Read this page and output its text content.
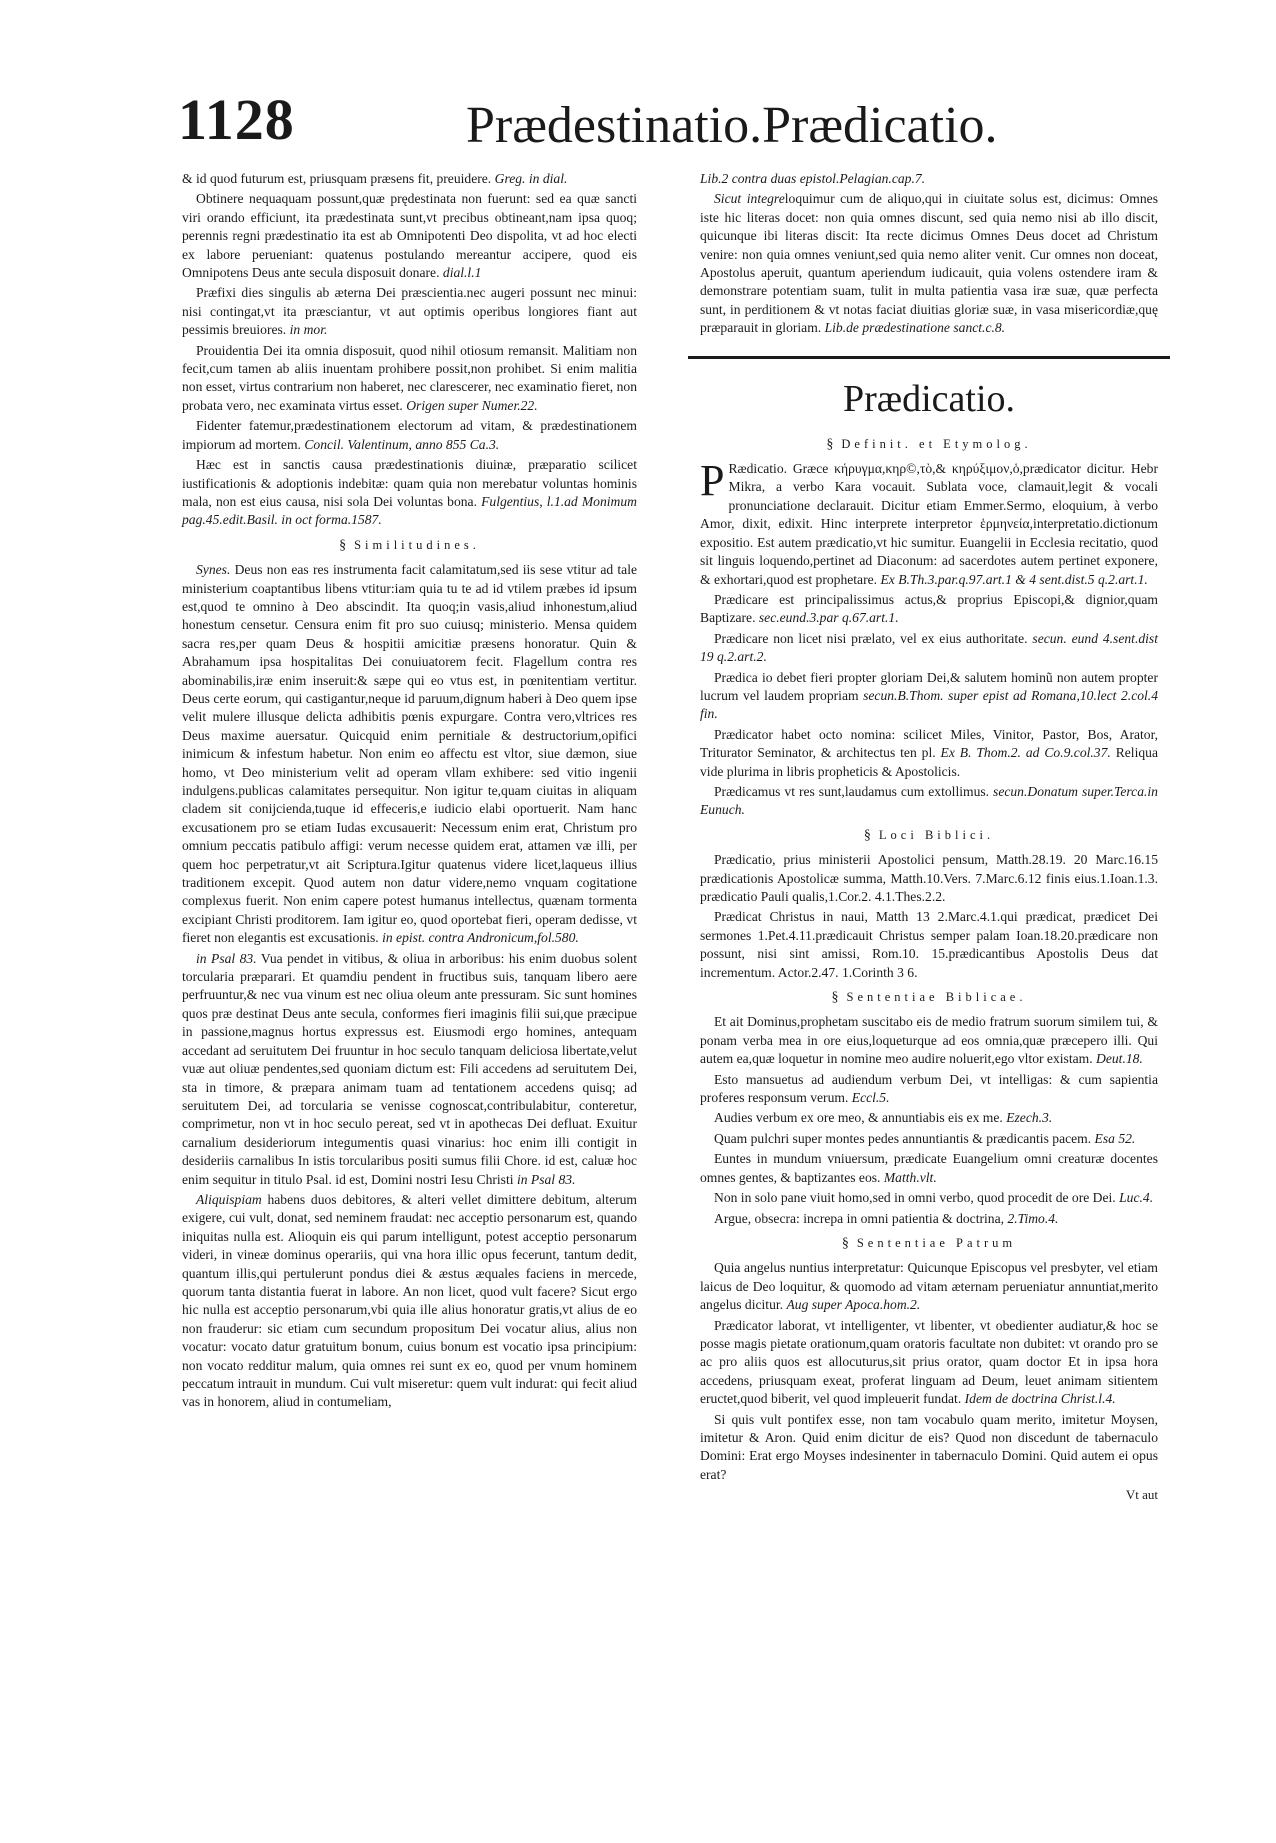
1128	Prædestinatio.Prædicatio.

& id quod futurum est, priusquam præsens fit, preuidere. Greg. in dial.

Obtinere nequaquam possunt,quæ prędestinata non fuerunt: sed ea quæ sancti viri orando efficiunt, ita prædestinata sunt,vt precibus obtineant,nam ipsa quoq; perennis regni prædestinatio ita est ab Omnipotenti Deo dispolita, vt ad hoc electi ex labore perueniant: quatenus postulando mereantur accipere, quod eis Omnipotens Deus ante secula disposuit donare. dial.l.1

Præfixi dies singulis ab æterna Dei præscientia.nec augeri possunt nec minui: nisi contingat,vt ita præsciantur, vt aut optimis operibus longiores fiant aut pessimis breuiores. in mor.

Prouidentia Dei ita omnia disposuit, quod nihil otiosum remansit. Malitiam non fecit,cum tamen ab aliis inuentam prohibere possit,non prohibet. Si enim malitia non esset, virtus contrarium non haberet, nec clarescerer, nec examinatio fieret, non probata vero, nec examinata virtus esset. Origen super Numer.22.

Fidenter fatemur,prædestinationem electorum ad vitam, & prædestinationem impiorum ad mortem. Concil. Valentinum, anno 855 Ca.3.

Hæc est in sanctis causa prædestinationis diuinæ, præparatio scilicet iustificationis & adoptionis indebitæ: quam quia non merebatur voluntas hominis mala, non est eius causa, nisi sola Dei voluntas bona. Fulgentius, l.1.ad Monimum pag.45.edit.Basil. in oct forma.1587.

§ Similitudines.

Synes. Deus non eas res instrumenta facit calamitatum,sed iis sese vtitur ad tale ministerium coaptantibus libens vtitur:iam quia tu te ad id vtilem præbes id ipsum est,quod te omnino à Deo abscindit. Ita quoq;in vasis,aliud inhonestum,aliud honestum censetur. Censura enim fit pro suo cuiusq; ministerio. Mensa quidem sacra res,per quam Deus & hospitii amicitiæ præsens honoratur. Quin & Abrahamum ipsa hospitalitas Dei conuiuatorem fecit. Flagellum contra res abominabilis,iræ enim inseruit:& sæpe qui eo vtus est, in pœnitentiam vertitur. Deus certe eorum, qui castigantur,neque id paruum,dignum haberi à Deo quem ipse velit mulere illusque delicta adhibitis pœnis expurgare. Contra vero,vltrices res Deus maxime auersatur. Quicquid enim pernitiale & destructorium,opifici inimicum & infestum habetur. Non enim eo affectu est vltor, siue dæmon, siue homo, vt Deo ministerium velit ad operam vllam exhibere: sed vitio ingenii indulgens.publicas calamitates persequitur. Non igitur te,quam ciuitas in aliquam cladem sit conijcienda,tuque id effeceris,e iudicio elabi oportuerit. Nam hanc excusationem pro se etiam Iudas excusauerit: Necessum enim erat, Christum pro omnium peccatis patibulo affigi: verum necesse quidem erat, attamen væ illi, per quem hoc perpetratur,vt ait Scriptura.Igitur quatenus videre licet,laqueus illius traditionem excepit. Quod autem non datur videre,nemo vnquam cogitatione complexus fuerit. Non enim capere potest humanus intellectus, quænam tormenta excipiant Christi proditorem. Iam igitur eo, quod oportebat fieri, operam dedisse, vt fieret non elegantis est excusationis. in epist. contra Andronicum,fol.580.

in Psal 83. Vua pendet in vitibus, & oliua in arboribus: his enim duobus solent torcularia præparari. Et quamdiu pendent in fructibus suis, tanquam libero aere perfruuntur,& nec vua vinum est nec oliua oleum ante pressuram. Sic sunt homines quos præ destinat Deus ante secula, conformes fieri imaginis filii sui,que præcipue in passione,magnus hortus expressus est. Eiusmodi ergo homines, antequam accedant ad seruitutem Dei fruuntur in hoc seculo tanquam deliciosa libertate,velut vuæ aut oliuæ pendentes,sed quoniam dictum est: Fili accedens ad seruitutem Dei, sta in timore, & præpara animam tuam ad tentationem accedens quisq; ad seruitutem Dei, ad torcularia se venisse cognoscat,contribulabitur, conteretur, comprimetur, non vt in hoc seculo pereat, sed vt in apothecas Dei defluat. Exuitur carnalium desideriorum integumentis quasi vinarius: hoc enim illi contigit in desideriis carnalibus In istis torcularibus positi sumus filii Chore. id est, caluæ hoc enim sequitur in titulo Psal. id est, Domini nostri Iesu Christi in Psal 83.

Aliquispiam habens duos debitores, & alteri vellet dimittere debitum, alterum exigere, cui vult, donat, sed neminem fraudat: nec acceptio personarum est, quando iniquitas nulla est. Alioquin eis qui parum intelligunt, potest acceptio personarum videri, in vineæ dominus operariis, qui vna hora illic opus fecerunt, tantum dedit, quantum illis,qui pertulerunt pondus diei & æstus æquales faciens in mercede, quorum tanta distantia fuerat in labore. An non licet, quod vult facere? Sicut ergo hic nulla est acceptio personarum,vbi quia ille alius honoratur gratis,vt alius de eo non frauderur: sic etiam cum secundum propositum Dei vocatur alius, alius non vocatur: vocato datur gratuitum bonum, cuius bonum est vocatio ipsa principium: non vocato redditur malum, quia omnes rei sunt ex eo, quod per vnum hominem peccatum intrauit in mundum. Cui vult miseretur: quem vult indurat: qui fecit aliud vas in honorem, aliud in contumeliam,

Lib.2 contra duas epistol.Pelagian.cap.7.

Sicut integreloquimur cum de aliquo,qui in ciuitate solus est, dicimus: Omnes iste hic literas docet: non quia omnes discunt, sed quia nemo nisi ab illo discit, quicunque ibi literas discit: Ita recte dicimus Omnes Deus docet ad Christum venire: non quia omnes veniunt,sed quia nemo aliter venit. Cur omnes non doceat, Apostolus aperuit, quantum aperiendum iudicauit, quia volens ostendere iram & demonstrare potentiam suam, tulit in multa patientia vasa iræ suæ, quæ perfecta sunt, in perditionem & vt notas faciat diuitias gloriæ suæ, in vasa misericordiæ,quę præparauit in gloriam. Lib.de prædestinatione sanct.c.8.

Prædicatio.
§ Definit. et Etymolog.

P Rædicatio. Græce κήρυγμα,κηρ©,τὸ,& κηρύξιμον,ὁ,prædicator dicitur. Hebr Mikra, a verbo Kara vocauit. Sublata voce, clamauit,legit & vocali pronunciatione declarauit. Dicitur etiam Emmer.Sermo, eloquium, à verbo Amor, dixit, edixit. Hinc interprete interpretor ἑρμηνεία,interpretatio.dictionum expositio. Est autem prædicatio,vt hic sumitur. Euangelii in Ecclesia recitatio, quod sit linguis loquendo,pertinet ad Diaconum: ad sacerdotes autem pertinet exponere, & exhortari,quod est prophetare. Ex B.Th.3.par.q.97.art.1 & 4 sent.dist.5 q.2.art.1.

Prædicare est principalissimus actus,& proprius Episcopi,& dignior,quam Baptizare. sec.eund.3.par q.67.art.1.

Prædicare non licet nisi prælato, vel ex eius authoritate. secun. eund 4.sent.dist 19 q.2.art.2.

Prædica io debet fieri propter gloriam Dei,& salutem hominũ non autem propter lucrum vel laudem propriam secun.B.Thom. super epist ad Romana,10.lect 2.col.4 fin.

Prædicator habet octo nomina: scilicet Miles, Vinitor, Pastor, Bos, Arator, Triturator Seminator, & architectus ten pl. Ex B. Thom.2. ad Co.9.col.37. Reliqua vide plurima in libris propheticis & Apostolicis.

Prædicamus vt res sunt,laudamus cum extollimus. secun.Donatum super.Terca.in Eunuch.

§ Loci Biblici.

Prædicatio, prius ministerii Apostolici pensum, Matth.28.19. 20 Marc.16.15 prædicationis Apostolicæ summa, Matth.10.Vers. 7.Marc.6.12 finis eius.1.Ioan.1.3. prædicatio Pauli qualis,1.Cor.2. 4.1.Thes.2.2.

Prædicat Christus in naui, Matth 13 2.Marc.4.1.qui prædicat, prædicet Dei sermones 1.Pet.4.11.prædicauit Christus semper palam Ioan.18.20.prædicare non possunt, nisi sint amissi, Rom.10. 15.prædicantibus Apostolis Deus dat incrementum. Actor.2.47. 1.Corinth 3 6.

§ Sententiae Biblicae.

Et ait Dominus,prophetam suscitabo eis de medio fratrum suorum similem tui, & ponam verba mea in ore eius,loqueturque ad eos omnia,quæ præcepero illi. Qui autem ea,quæ loquetur in nomine meo audire noluerit,ego vltor existam. Deut.18.

Esto mansuetus ad audiendum verbum Dei, vt intelligas: & cum sapientia proferes responsum verum. Eccl.5.

Audies verbum ex ore meo, & annuntiabis eis ex me. Ezech.3.

Quam pulchri super montes pedes annuntiantis & prædicantis pacem. Esa 52.

Euntes in mundum vniuersum, prædicate Euangelium omni creaturæ docentes omnes gentes, & baptizantes eos. Matth.vlt.

Non in solo pane viuit homo,sed in omni verbo, quod procedit de ore Dei. Luc.4.

Argue, obsecra: increpa in omni patientia & doctrina, 2.Timo.4.

§ Sententiae Patrum

Quia angelus nuntius interpretatur: Quicunque Episcopus vel presbyter, vel etiam laicus de Deo loquitur, & quomodo ad vitam æternam perueniatur annuntiat,merito angelus dicitur. Aug super Apoca.hom.2.

Prædicator laborat, vt intelligenter, vt libenter, vt obedienter audiatur,& hoc se posse magis pietate orationum,quam oratoris facultate non dubitet: vt orando pro se ac pro aliis quos est allocuturus,sit prius orator, quam doctor Et in ipsa hora accedens, priusquam exeat, proferat linguam ad Deum, leuet animam sitientem eructet,quod biberit, vel quod impleuerit fundat. Idem de doctrina Christ.l.4.

Si quis vult pontifex esse, non tam vocabulo quam merito, imitetur Moysen, imitetur & Aron. Quid enim dicitur de eis? Quod non discedunt de tabernaculo Domini: Erat ergo Moyses indesinenter in tabernaculo Domini. Quid autem ei opus erat?

Vt aut
